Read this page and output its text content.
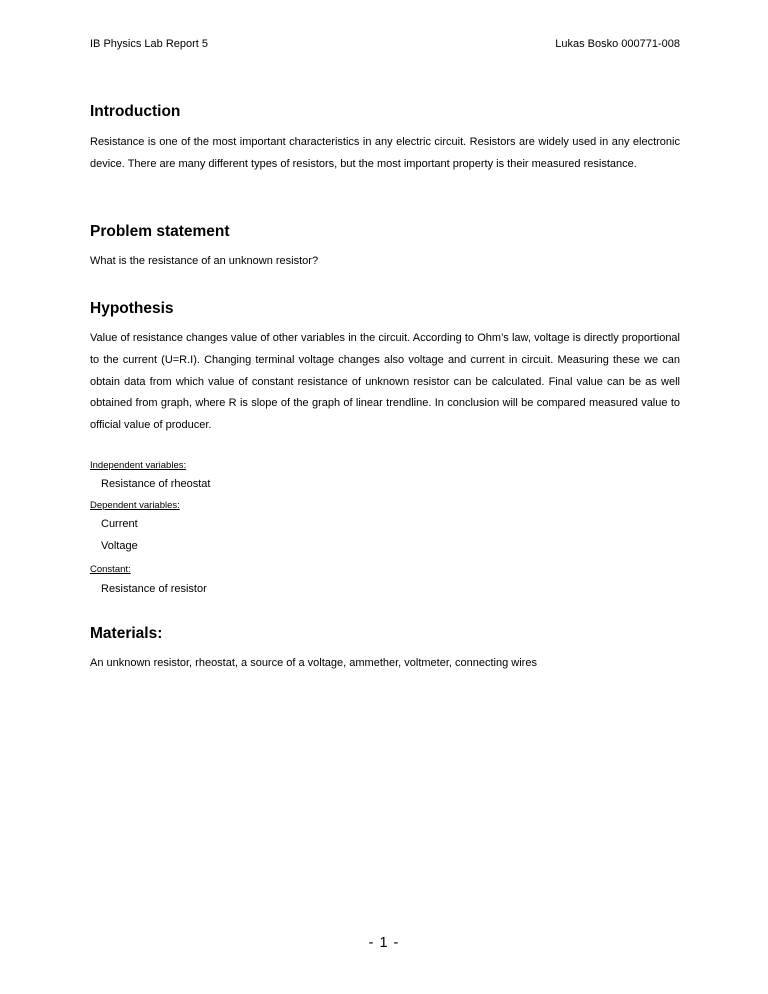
IB Physics Lab Report 5	Lukas Bosko 000771-008
Introduction

Resistance is one of the most important characteristics in any electric circuit. Resistors are widely used in any electronic device. There are many different types of resistors, but the most important property is their measured resistance.

Problem statement

What is the resistance of an unknown resistor?

Hypothesis

Value of resistance changes value of other variables in the circuit. According to Ohm’s law, voltage is directly proportional to the current (U=R.I). Changing terminal voltage changes also voltage and current in circuit. Measuring these we can obtain data from which value of constant resistance of unknown resistor can be calculated. Final value can be as well obtained from graph, where R is slope of the graph of linear trendline. In conclusion will be compared measured value to official value of producer.

Independent variables:

Resistance of rheostat

Dependent variables:

Current

Voltage

Constant:

Resistance of resistor

Materials:

An unknown resistor, rheostat, a source of a voltage, ammether, voltmeter, connecting wires

- 1 -
